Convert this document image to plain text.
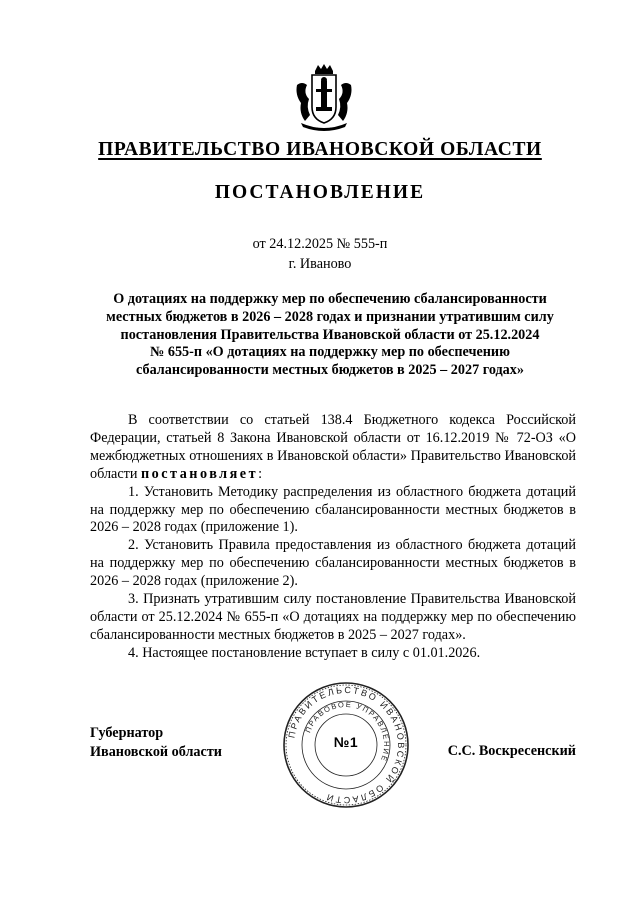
ПРАВИТЕЛЬСТВО ИВАНОВСКОЙ ОБЛАСТИ
ПОСТАНОВЛЕНИЕ
от 24.12.2025 № 555-п
г. Иваново
О дотациях на поддержку мер по обеспечению сбалансированности
местных бюджетов в 2026 – 2028 годах и признании утратившим силу
постановления Правительства Ивановской области от 25.12.2024
№ 655-п «О дотациях на поддержку мер по обеспечению
сбалансированности местных бюджетов в 2025 – 2027 годах»

В соответствии со статьей 138.4 Бюджетного кодекса Российской Федерации, статьей 8 Закона Ивановской области от 16.12.2019 № 72-ОЗ «О межбюджетных отношениях в Ивановской области» Правительство Ивановской области постановляет:

1. Установить Методику распределения из областного бюджета дотаций на поддержку мер по обеспечению сбалансированности местных бюджетов в 2026 – 2028 годах (приложение 1).

2. Установить Правила предоставления из областного бюджета дотаций на поддержку мер по обеспечению сбалансированности местных бюджетов в 2026 – 2028 годах (приложение 2).

3. Признать утратившим силу постановление Правительства Ивановской области от 25.12.2024 № 655-п «О дотациях на поддержку мер по обеспечению сбалансированности местных бюджетов в 2025 – 2027 годах».

4. Настоящее постановление вступает в силу с 01.01.2026.

Губернатор
Ивановской области
ПРАВИТЕЛЬСТВО ИВАНОВСКОЙ ОБЛАСТИ
ПРАВОВОЕ УПРАВЛЕНИЕ
№1
С.С. Воскресенский
